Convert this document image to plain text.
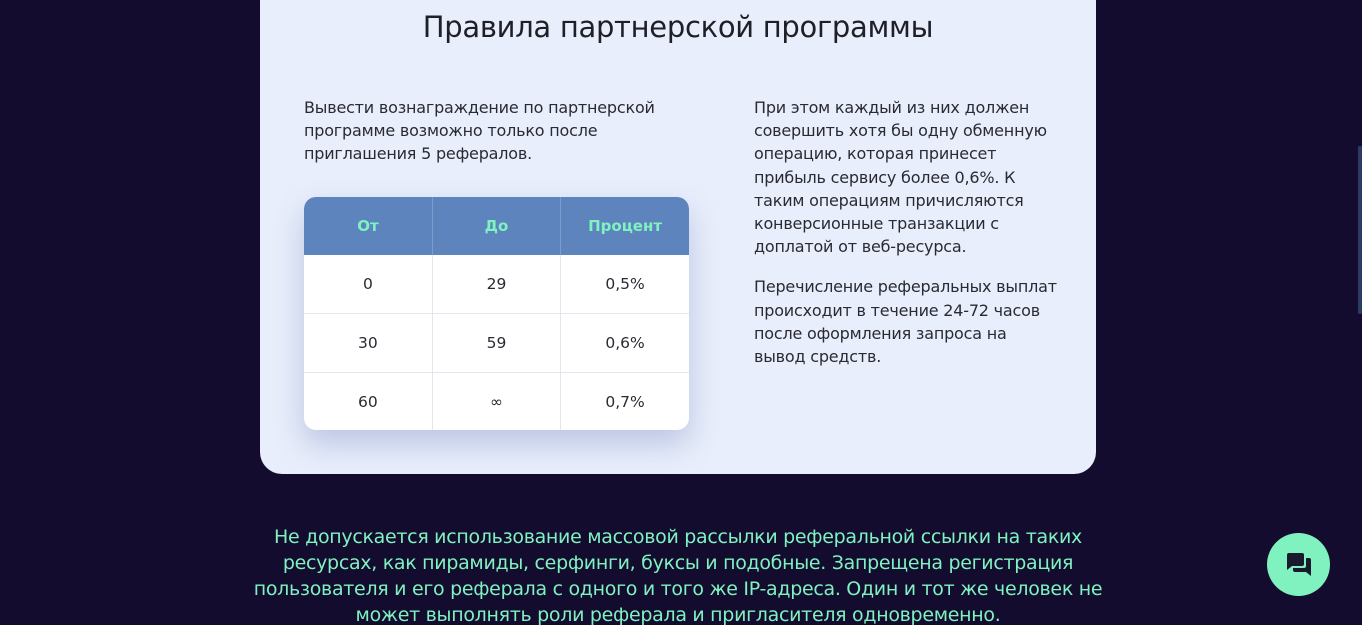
Правила партнерской программы

Вывести вознаграждение по партнерской программе возможно только после приглашения 5 рефералов.

От	До	Процент
0	29	0,5%
30	59	0,6%
60	∞	0,7%

При этом каждый из них должен совершить хотя бы одну обменную операцию, которая принесет прибыль сервису более 0,6%. К таким операциям причисляются конверсионные транзакции с доплатой от веб-ресурса.

Перечисление реферальных выплат происходит в течение 24-72 часов после оформления запроса на вывод средств.

Не допускается использование массовой рассылки реферальной ссылки на таких ресурсах, как пирамиды, серфинги, буксы и подобные. Запрещена регистрация пользователя и его реферала с одного и того же IP-адреса. Один и тот же человек не может выполнять роли реферала и пригласителя одновременно.
